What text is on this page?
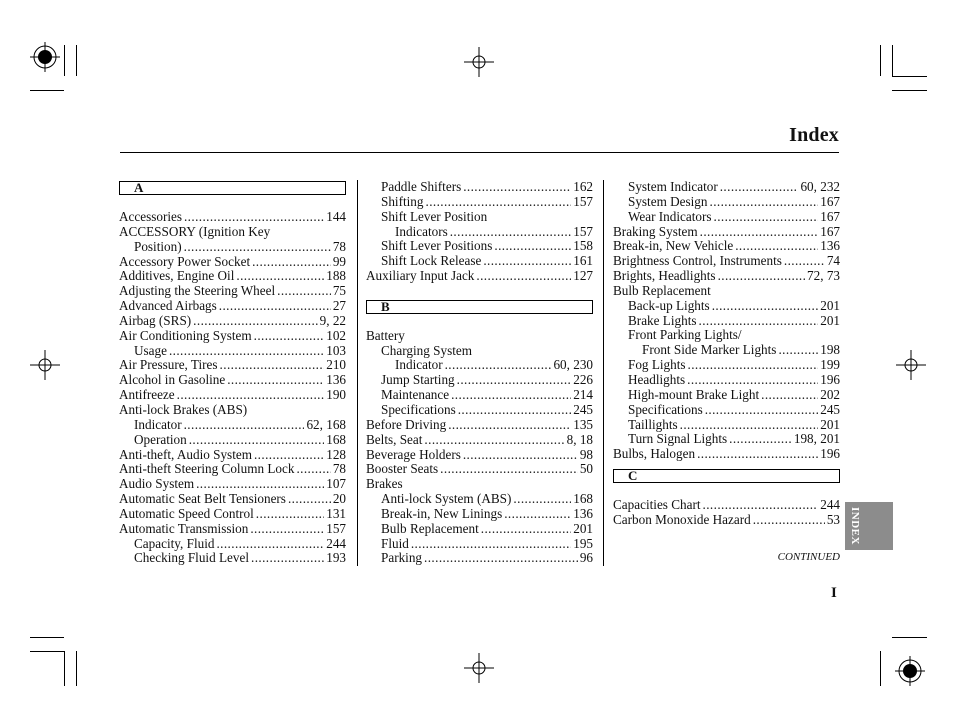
Index
A
Accessories .....	144
ACCESSORY (Ignition Key
Position) .....	78
Accessory Power Socket .....	99
Additives, Engine Oil .....	188
Adjusting the Steering Wheel .....	75
Advanced Airbags .....	27
Airbag (SRS) .....	9, 22
Air Conditioning System .....	102
Usage .....	103
Air Pressure, Tires .....	210
Alcohol in Gasoline .....	136
Antifreeze .....	190
Anti-lock Brakes (ABS)
Indicator .....	62, 168
Operation .....	168
Anti-theft, Audio System .....	128
Anti-theft Steering Column Lock .....	78
Audio System .....	107
Automatic Seat Belt Tensioners .....	20
Automatic Speed Control .....	131
Automatic Transmission .....	157
Capacity, Fluid .....	244
Checking Fluid Level .....	193
Paddle Shifters .....	162
Shifting .....	157
Shift Lever Position
Indicators .....	157
Shift Lever Positions .....	158
Shift Lock Release .....	161
Auxiliary Input Jack .....	127
B
Battery
Charging System
Indicator .....	60, 230
Jump Starting .....	226
Maintenance .....	214
Specifications .....	245
Before Driving .....	135
Belts, Seat .....	8, 18
Beverage Holders .....	98
Booster Seats .....	50
Brakes
Anti-lock System (ABS) .....	168
Break-in, New Linings .....	136
Bulb Replacement .....	201
Fluid .....	195
Parking .....	96
System Indicator .....	60, 232
System Design .....	167
Wear Indicators .....	167
Braking System .....	167
Break-in, New Vehicle .....	136
Brightness Control, Instruments .....	74
Brights, Headlights .....	72, 73
Bulb Replacement
Back-up Lights .....	201
Brake Lights .....	201
Front Parking Lights/
Front Side Marker Lights .....	198
Fog Lights .....	199
Headlights .....	196
High-mount Brake Light .....	202
Specifications .....	245
Taillights .....	201
Turn Signal Lights .....	198, 201
Bulbs, Halogen .....	196
C
Capacities Chart .....	244
Carbon Monoxide Hazard .....	53
CONTINUED
I
INDEX
